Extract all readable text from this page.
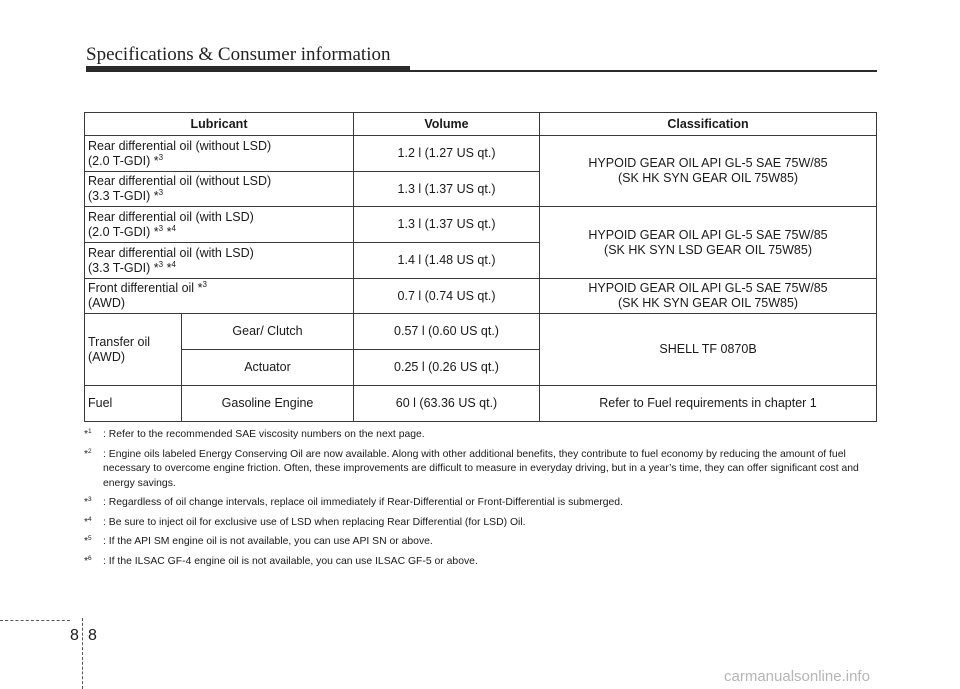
Specifications & Consumer information
Lubricant		Volume	Classification
Rear differential oil (without LSD)
(2.0 T-GDI) *$^3$		1.2 l (1.27 US qt.)	HYPOID GEAR OIL API GL-5 SAE 75W/85
(SK HK SYN GEAR OIL 75W85)
Rear differential oil (without LSD)
(3.3 T-GDI) *$^3$		1.3 l (1.37 US qt.)	
Rear differential oil (with LSD)
(2.0 T-GDI) *$^3$ *$^4$		1.3 l (1.37 US qt.)	HYPOID GEAR OIL API GL-5 SAE 75W/85
(SK HK SYN LSD GEAR OIL 75W85)
Rear differential oil (with LSD)
(3.3 T-GDI) *$^3$ *$^4$		1.4 l (1.48 US qt.)	
Front differential oil *$^3$
(AWD)		0.7 l (0.74 US qt.)	HYPOID GEAR OIL API GL-5 SAE 75W/85
(SK HK SYN GEAR OIL 75W85)
Transfer oil
(AWD)	Gear/ Clutch	0.57 l (0.60 US qt.)	SHELL TF 0870B
	Actuator	0.25 l (0.26 US qt.)	
Fuel	Gasoline Engine	60 l (63.36 US qt.)	Refer to Fuel requirements in chapter 1
*$^1$	: Refer to the recommended SAE viscosity numbers on the next page.
*$^2$	: Engine oils labeled Energy Conserving Oil are now available. Along with other additional benefits, they contribute to fuel economy by reducing the amount of fuel necessary to overcome engine friction. Often, these improvements are difficult to measure in everyday driving, but in a year’s time, they can offer significant cost and energy savings.
*$^3$	: Regardless of oil change intervals, replace oil immediately if Rear-Differential or Front-Differential is submerged.
*$^4$	: Be sure to inject oil for exclusive use of LSD when replacing Rear Differential (for LSD) Oil.
*$^5$	: If the API SM engine oil is not available, you can use API SN or above.
*$^6$	: If the ILSAC GF-4 engine oil is not available, you can use ILSAC GF-5 or above.
8 8
carmanualsonline.info
